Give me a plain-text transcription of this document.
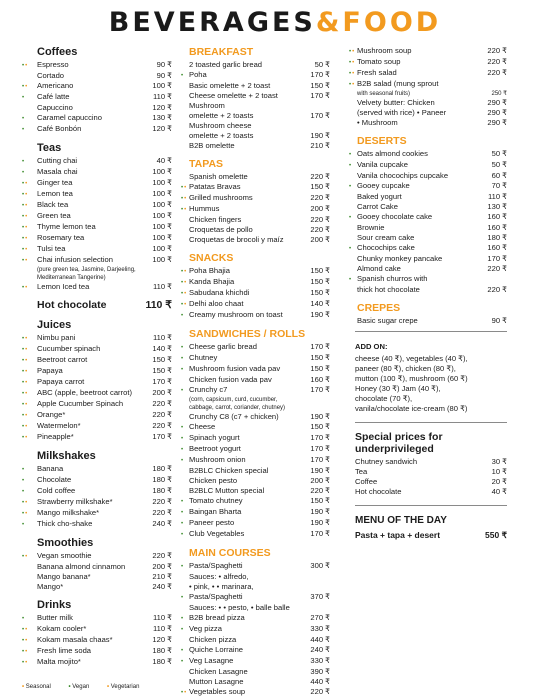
BEVERAGES&FOOD
Coffees
• •	Espresso	90 ₹
Cortado	90 ₹
• •	Americano	100 ₹
•	Café latte	110 ₹
Capuccino	120 ₹
•	Caramel capuccino	130 ₹
•	Café Bonbón	120 ₹
Teas
•	Cutting chai	40 ₹
•	Masala chai	100 ₹
• •	Ginger tea	100 ₹
• •	Lemon tea	100 ₹
• •	Black tea	100 ₹
• •	Green tea	100 ₹
• •	Thyme lemon tea	100 ₹
• •	Rosemary tea	100 ₹
• •	Tulsi tea	100 ₹
• •	Chai infusion selection	100 ₹
(pure green tea, Jasmine, Darjeeling,
Mediterranean Tangerine)
• •	Lemon Iced tea	110 ₹
Hot chocolate	110 ₹
Juices
• •	Nimbu pani	110 ₹
• •	Cucumber spinach	140 ₹
• •	Beetroot carrot	150 ₹
• •	Papaya	150 ₹
• •	Papaya carrot	170 ₹
• •	ABC (apple, beetroot carrot)	200 ₹
• •	Apple Cucumber Spinach	220 ₹
• •	Orange*	220 ₹
• •	Watermelon*	220 ₹
• •	Pineapple*	170 ₹
Milkshakes
•	Banana	180 ₹
•	Chocolate	180 ₹
•	Cold coffee	180 ₹
• •	Strawberry milkshake*	220 ₹
• •	Mango milkshake*	220 ₹
•	Thick cho-shake	240 ₹
Smoothies
• •	Vegan smoothie	220 ₹
Banana almond cinnamon	200 ₹
Mango banana*	210 ₹
Mango*	240 ₹
Drinks
•	Butter milk	110 ₹
• •	Kokam cooler*	110 ₹
• •	Kokam masala chaas*	120 ₹
• •	Fresh lime soda	180 ₹
• •	Malta mojito*	180 ₹
BREAKFAST
2 toasted garlic bread	50 ₹
• Poha	170 ₹
Basic omelette + 2 toast	150 ₹
Cheese omelette + 2 toast	170 ₹
Mushroom
omelette + 2 toasts	170 ₹
Mushroom cheese
omelette + 2 toasts	190 ₹
B2B omelette	210 ₹
TAPAS
Spanish omelette	220 ₹
• • Patatas Bravas	150 ₹
• • Grilled mushrooms	220 ₹
• • Hummus	200 ₹
Chicken fingers	220 ₹
Croquetas de pollo	220 ₹
Croquetas de brocoli y maíz	200 ₹
SNACKS
• • Poha Bhajia	150 ₹
• • Kanda Bhajia	150 ₹
• • Sabudana khichdi	150 ₹
• • Delhi aloo chaat	140 ₹
• Creamy mushroom on toast	190 ₹
SANDWICHES / ROLLS
• Cheese garlic bread	170 ₹
• Chutney	150 ₹
• Mushroom fusion vada pav	150 ₹
Chicken fusion vada pav	160 ₹
• Crunchy c7	170 ₹
(corn, capsicum, curd, cucumber,
cabbage, carrot, coriander, chutney)
Crunchy C8 (c7 + chicken)	190 ₹
• Cheese	150 ₹
• Spinach yogurt	170 ₹
• Beetroot yogurt	170 ₹
• Mushroom onion	170 ₹
B2BLC Chicken special	190 ₹
Chicken pesto	200 ₹
B2BLC Mutton special	220 ₹
• Tomato chutney	150 ₹
• Baingan Bharta	190 ₹
• Paneer pesto	190 ₹
• Club Vegetables	170 ₹
MAIN COURSES
• Pasta/Spaghetti	300 ₹
Sauces: • alfredo,
• pink, • • marinara,
• Pasta/Spaghetti	370 ₹
Sauces: • • pesto, • balle balle
• B2B bread pizza	270 ₹
• Veg pizza	330 ₹
Chicken pizza	440 ₹
• Quiche Lorraine	240 ₹
• Veg Lasagne	330 ₹
Chicken Lasagne	390 ₹
Mutton Lasagne	440 ₹
• • Vegetables soup	220 ₹
• • Mushroom soup	220 ₹
• • Tomato soup	220 ₹
• • Fresh salad	220 ₹
• • B2B salad (mung sprout
with seasonal fruits)	250 ₹
Velvety butter: Chicken	290 ₹
(served with rice) • Paneer	290 ₹
• Mushroom	290 ₹
DESERTS
• Oats almond cookies	50 ₹
• Vanila cupcake	50 ₹
Vanila chocochips cupcake	60 ₹
• Gooey cupcake	70 ₹
Baked yogurt	110 ₹
Carrot Cake	130 ₹
• Gooey chocolate cake	160 ₹
Brownie	160 ₹
Sour cream cake	180 ₹
• Chocochips cake	160 ₹
Chunky monkey pancake	170 ₹
Almond cake	220 ₹
• Spanish churros with
thick hot chocolate	220 ₹
CREPES
Basic sugar crepe	90 ₹
ADD ON:
cheese (40 ₹), vegetables (40 ₹),
paneer (80 ₹), chicken (80 ₹),
mutton (100 ₹), mushroom (60 ₹)
Honey (30 ₹) Jam (40 ₹),
chocolate (70 ₹),
vanila/chocolate ice-cream (80 ₹)
Special prices for
underprivileged
Chutney sandwich	30 ₹
Tea	10 ₹
Coffee	20 ₹
Hot chocolate	40 ₹
MENU OF THE DAY
Pasta + tapa + desert	550 ₹
• Seasonal	• Vegan	• Vegetarian
